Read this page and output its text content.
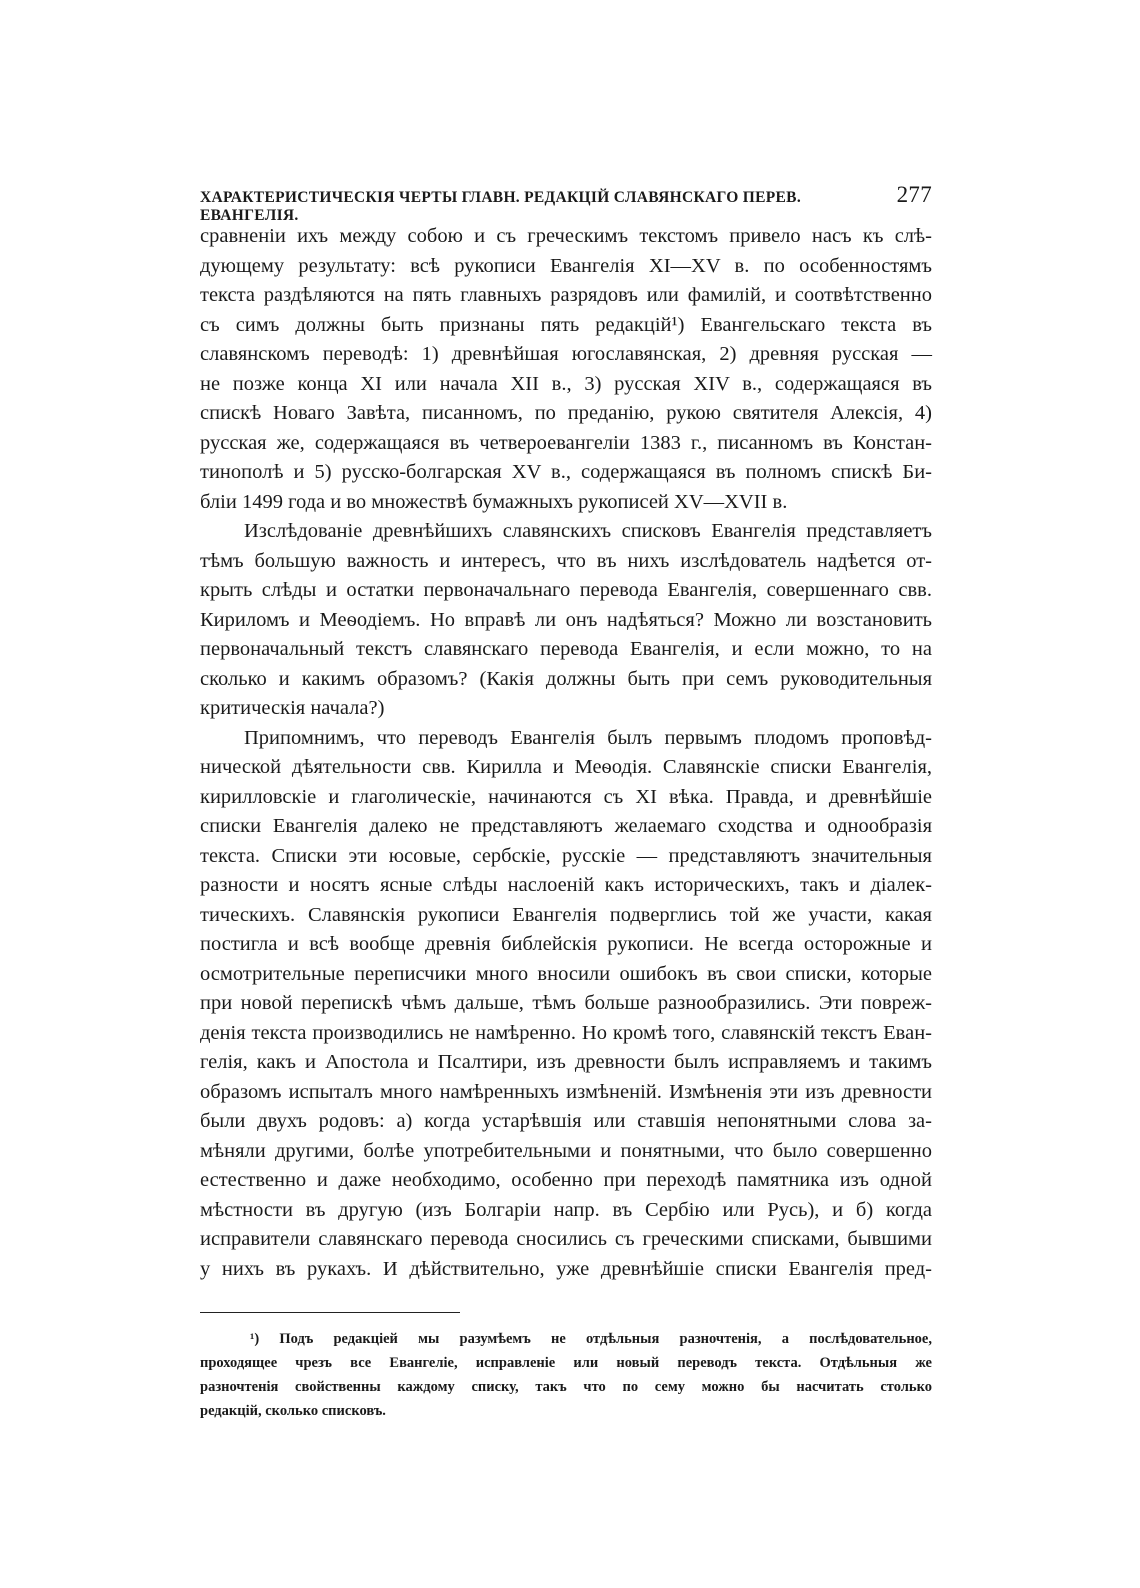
ХАРАКТЕРИСТИЧЕСКІЯ ЧЕРТЫ ГЛАВН. РЕДАКЦІЙ СЛАВЯНСКАГО ПЕРЕВ. ЕВАНГЕЛІЯ.
277

сравненіи ихъ между собою и съ греческимъ текстомъ привело насъ къ слѣ-

дующему результату: всѣ рукописи Евангелія XI—XV в. по особенностямъ

текста раздѣляются на пять главныхъ разрядовъ или фамилій, и соотвѣтственно

съ симъ должны быть признаны пять редакцій¹) Евангельскаго текста въ

славянскомъ переводѣ: 1) древнѣйшая югославянская, 2) древняя русская —

не позже конца XI или начала XII в., 3) русская XIV в., содержащаяся въ

спискѣ Новаго Завѣта, писанномъ, по преданію, рукою святителя Алексія, 4)

русская же, содержащаяся въ четвероевангеліи 1383 г., писанномъ въ Констан-

тинополѣ и 5) русско-болгарская XV в., содержащаяся въ полномъ спискѣ Би-

бліи 1499 года и во множествѣ бумажныхъ рукописей XV—XVII в.

Изслѣдованіе древнѣйшихъ славянскихъ списковъ Евангелія представляетъ

тѣмъ большую важность и интересъ, что въ нихъ изслѣдователь надѣется от-

крыть слѣды и остатки первоначальнаго перевода Евангелія, совершеннаго свв.

Кириломъ и Меѳодіемъ. Но вправѣ ли онъ надѣяться? Можно ли возстановить

первоначальный текстъ славянскаго перевода Евангелія, и если можно, то на

сколько и какимъ образомъ? (Какія должны быть при семъ руководительныя

критическія начала?)

Припомнимъ, что переводъ Евангелія былъ первымъ плодомъ проповѣд-

нической дѣятельности свв. Кирилла и Меѳодія. Славянскіе списки Евангелія,

кирилловскіе и глаголическіе, начинаются съ XI вѣка. Правда, и древнѣйшіе

списки Евангелія далеко не представляютъ желаемаго сходства и однообразія

текста. Списки эти юсовые, сербскіе, русскіе — представляютъ значительныя

разности и носятъ ясные слѣды наслоеній какъ историческихъ, такъ и діалек-

тическихъ. Славянскія рукописи Евангелія подверглись той же участи, какая

постигла и всѣ вообще древнія библейскія рукописи. Не всегда осторожные и

осмотрительные переписчики много вносили ошибокъ въ свои списки, которые

при новой перепискѣ чѣмъ дальше, тѣмъ больше разнообразились. Эти повреж-

денія текста производились не намѣренно. Но кромѣ того, славянскій текстъ Еван-

гелія, какъ и Апостола и Псалтири, изъ древности былъ исправляемъ и такимъ

образомъ испыталъ много намѣренныхъ измѣненій. Измѣненія эти изъ древности

были двухъ родовъ: а) когда устарѣвшія или ставшія непонятными слова за-

мѣняли другими, болѣе употребительными и понятными, что было совершенно

естественно и даже необходимо, особенно при переходѣ памятника изъ одной

мѣстности въ другую (изъ Болгаріи напр. въ Сербію или Русь), и б) когда

исправители славянскаго перевода сносились съ греческими списками, бывшими

у нихъ въ рукахъ. И дѣйствительно, уже древнѣйшіе списки Евангелія пред-

¹) Подъ редакціей мы разумѣемъ не отдѣльныя разночтенія, а послѣдовательное,

проходящее чрезъ все Евангеліе, исправленіе или новый переводъ текста. Отдѣльныя же

разночтенія свойственны каждому списку, такъ что по сему можно бы насчитать столько

редакцій, сколько списковъ.
